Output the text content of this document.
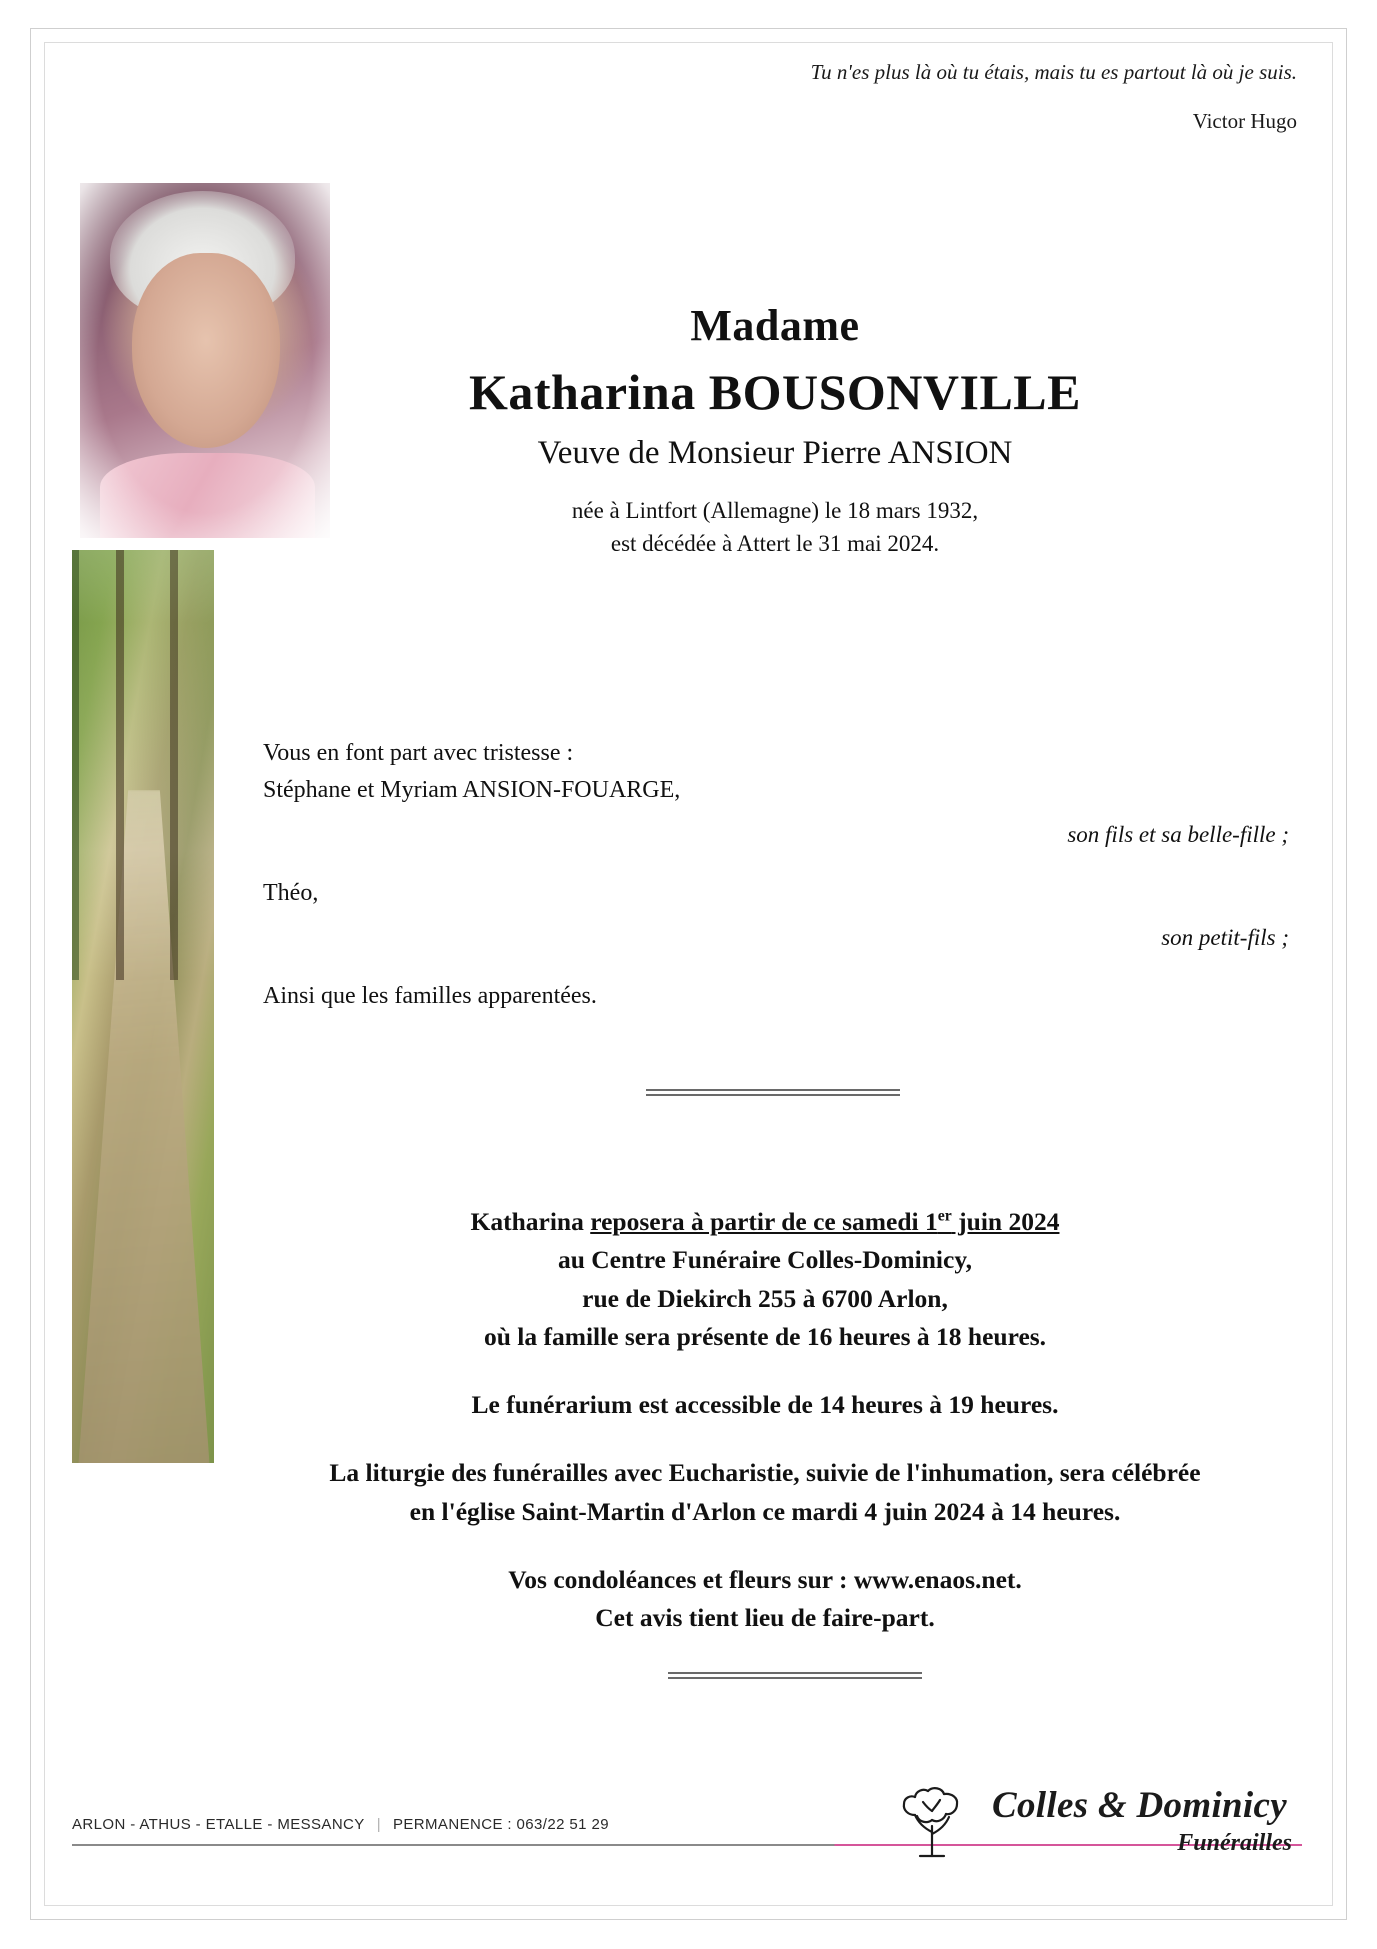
Tu n'es plus là où tu étais, mais tu es partout là où je suis.
Victor Hugo
Madame
Katharina BOUSONVILLE
Veuve de Monsieur Pierre ANSION
née à Lintfort (Allemagne) le 18 mars 1932,
est décédée à Attert le 31 mai 2024.

Vous en font part avec tristesse :

Stéphane et Myriam ANSION-FOUARGE,

son fils et sa belle-fille ;

Théo,

son petit-fils ;

Ainsi que les familles apparentées.

Katharina reposera à partir de ce samedi 1er juin 2024
au Centre Funéraire Colles-Dominicy,
rue de Diekirch 255 à 6700 Arlon,
où la famille sera présente de 16 heures à 18 heures.
Le funérarium est accessible de 14 heures à 19 heures.
La liturgie des funérailles avec Eucharistie, suivie de l'inhumation, sera célébrée
en l'église Saint-Martin d'Arlon ce mardi 4 juin 2024 à 14 heures.
Vos condoléances et fleurs sur : www.enaos.net.
Cet avis tient lieu de faire-part.
ARLON - ATHUS - ETALLE - MESSANCY | PERMANENCE : 063/22 51 29	Colles & Dominicy
Funérailles
